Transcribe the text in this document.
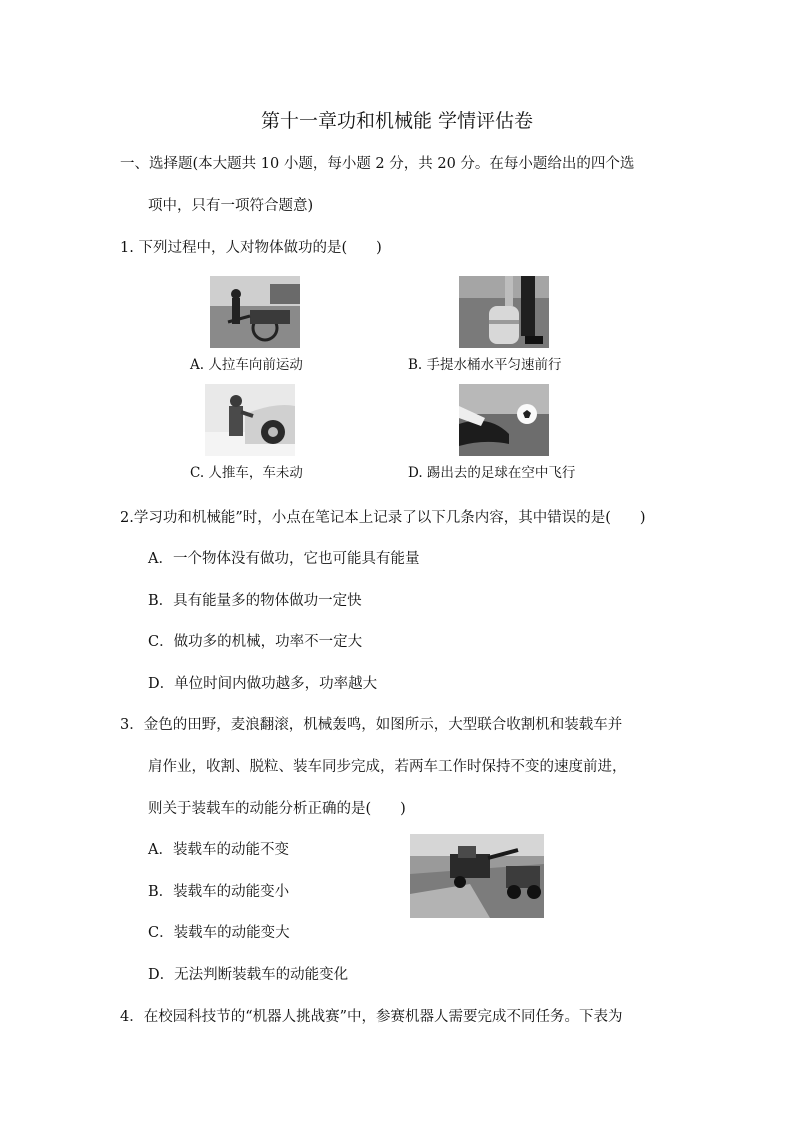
第十一章功和机械能 学情评估卷
一、选择题(本大题共 10 小题，每小题 2 分，共 20 分。在每小题给出的四个选
项中，只有一项符合题意)
1. 下列过程中，人对物体做功的是(　　)
A. 人拉车向前运动	B. 手提水桶水平匀速前行
C. 人推车，车未动	D. 踢出去的足球在空中飞行
2.学习功和机械能”时，小点在笔记本上记录了以下几条内容，其中错误的是(　　)
A．一个物体没有做功，它也可能具有能量
B．具有能量多的物体做功一定快
C．做功多的机械，功率不一定大
D．单位时间内做功越多，功率越大
3．金色的田野，麦浪翻滚，机械轰鸣，如图所示，大型联合收割机和装载车并
肩作业，收割、脱粒、装车同步完成，若两车工作时保持不变的速度前进，
则关于装载车的动能分析正确的是(　　)
A．装载车的动能不变
B．装载车的动能变小
C．装载车的动能变大
D．无法判断装载车的动能变化
4．在校园科技节的“机器人挑战赛”中，参赛机器人需要完成不同任务。下表为
